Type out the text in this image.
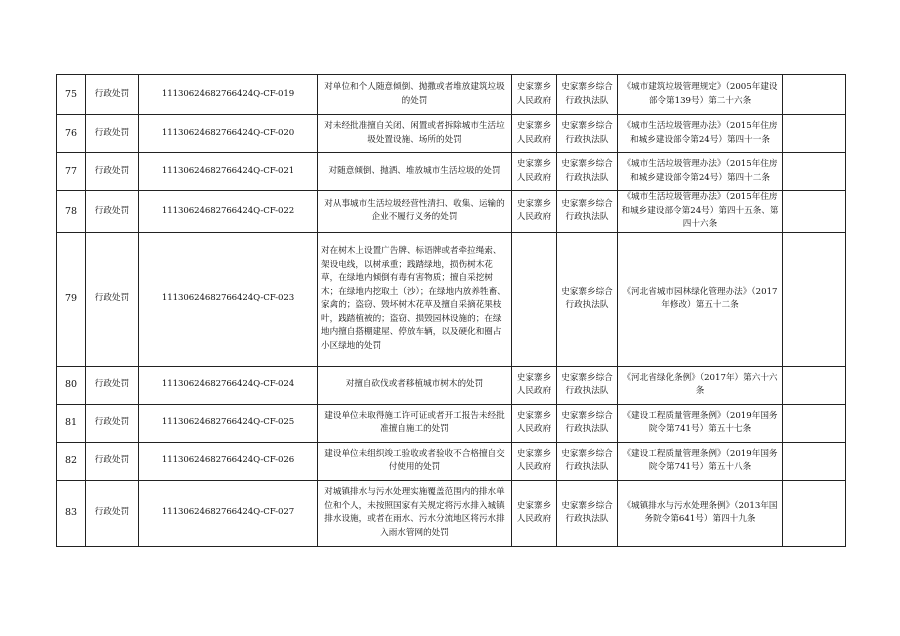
75	行政处罚	11130624682766424Q-CF-019	对单位和个人随意倾倒、抛撒或者堆放建筑垃圾的处罚	史家寨乡人民政府	史家寨乡综合行政执法队	《城市建筑垃圾管理规定》（2005年建设部令第139号）第二十六条	
76	行政处罚	11130624682766424Q-CF-020	对未经批准擅自关闭、闲置或者拆除城市生活垃圾处置设施、场所的处罚	史家寨乡人民政府	史家寨乡综合行政执法队	《城市生活垃圾管理办法》（2015年住房和城乡建设部令第24号）第四十一条	
77	行政处罚	11130624682766424Q-CF-021	对随意倾倒、抛洒、堆放城市生活垃圾的处罚	史家寨乡人民政府	史家寨乡综合行政执法队	《城市生活垃圾管理办法》（2015年住房和城乡建设部令第24号）第四十二条	
78	行政处罚	11130624682766424Q-CF-022	对从事城市生活垃圾经营性清扫、收集、运输的企业不履行义务的处罚	史家寨乡人民政府	史家寨乡综合行政执法队	《城市生活垃圾管理办法》（2015年住房和城乡建设部令第24号）第四十五条、第四十六条	
79	行政处罚	11130624682766424Q-CF-023	对在树木上设置广告牌、标语牌或者牵拉绳索、架设电线，以树承重；践踏绿地，损伤树木花草，在绿地内倾倒有毒有害物质；擅自采挖树木；在绿地内挖取土（沙）；在绿地内放养牲畜、家禽的；盗窃、毁坏树木花草及擅自采摘花果枝叶，践踏植被的；盗窃、损毁园林设施的；在绿地内擅自搭棚建屋、停放车辆，以及硬化和圈占小区绿地的处罚		史家寨乡综合行政执法队	《河北省城市园林绿化管理办法》（2017年修改）第五十二条	
80	行政处罚	11130624682766424Q-CF-024	对擅自砍伐或者移植城市树木的处罚	史家寨乡人民政府	史家寨乡综合行政执法队	《河北省绿化条例》（2017年）第六十六条	
81	行政处罚	11130624682766424Q-CF-025	建设单位未取得施工许可证或者开工报告未经批准擅自施工的处罚	史家寨乡人民政府	史家寨乡综合行政执法队	《建设工程质量管理条例》（2019年国务院令第741号）第五十七条	
82	行政处罚	11130624682766424Q-CF-026	建设单位未组织竣工验收或者验收不合格擅自交付使用的处罚	史家寨乡人民政府	史家寨乡综合行政执法队	《建设工程质量管理条例》（2019年国务院令第741号）第五十八条	
83	行政处罚	11130624682766424Q-CF-027	对城镇排水与污水处理实施覆盖范围内的排水单位和个人，未按照国家有关规定将污水排入城镇排水设施，或者在雨水、污水分流地区将污水排入雨水管网的处罚	史家寨乡人民政府	史家寨乡综合行政执法队	《城镇排水与污水处理条例》（2013年国务院令第641号）第四十九条	
